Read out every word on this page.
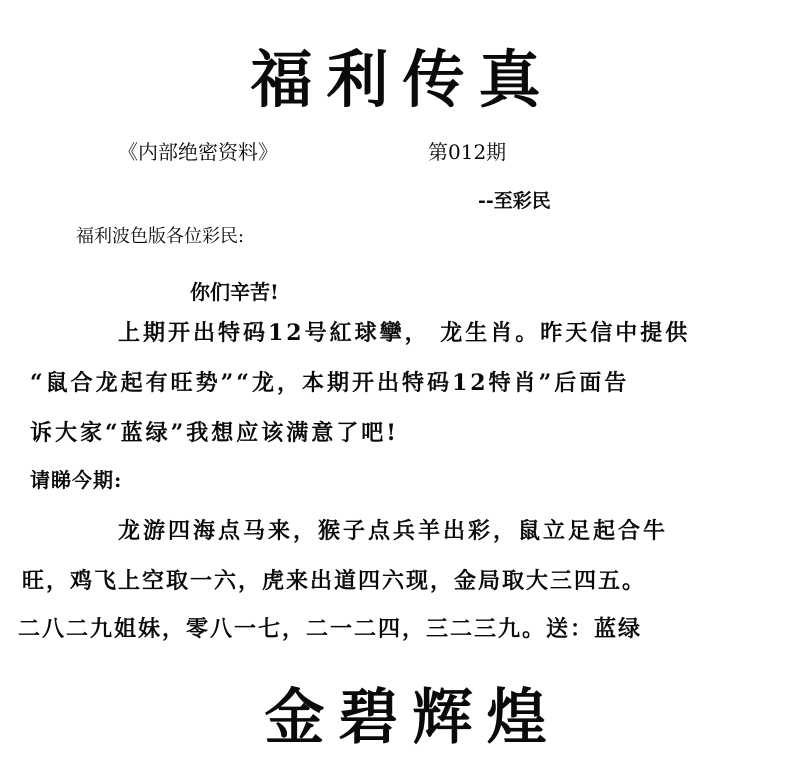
福利传真
《内部绝密资料》	第012期
--至彩民
福利波色版各位彩民:
你们辛苦!
上期开出特码12号紅球攣， 龙生肖。昨天信中提供
“鼠合龙起有旺势”“龙，本期开出特码12特肖”后面告
诉大家“蓝绿”我想应该满意了吧!
请睇今期:
龙游四海点马来，猴子点兵羊出彩，鼠立足起合牛
旺，鸡飞上空取一六，虎来出道四六现，金局取大三四五。
二八二九姐妹，零八一七，二一二四，三二三九。送：蓝绿
金碧辉煌
